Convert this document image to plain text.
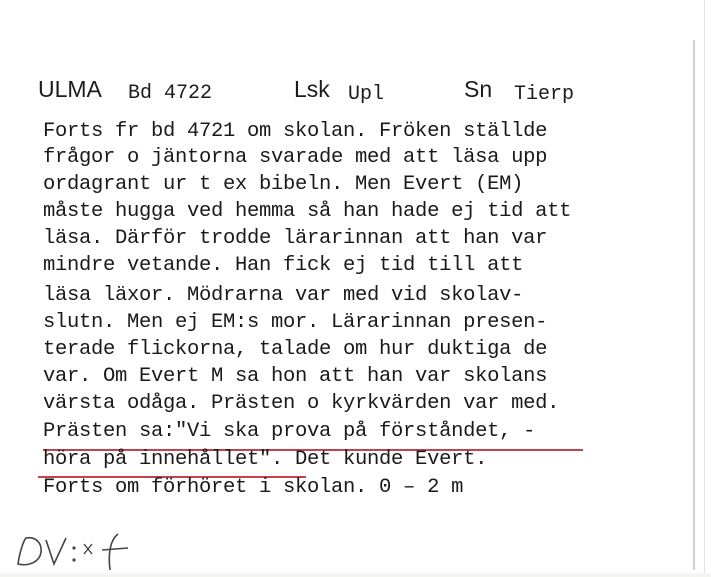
ULMA Bd 4722	Lsk Upl	Sn Tierp
Forts fr bd 4721 om skolan. Fröken ställde
frågor o jäntorna svarade med att läsa upp
ordagrant ur t ex bibeln. Men Evert (EM)
måste hugga ved hemma så han hade ej tid att
läsa. Därför trodde lärarinnan att han var
mindre vetande. Han fick ej tid till att
läsa läxor. Mödrarna var med vid skolav-
slutn. Men ej EM:s mor. Lärarinnan presen-
terade flickorna, talade om hur duktiga de
var. Om Evert M sa hon att han var skolans
värsta odåga. Prästen o kyrkvärden var med.
Prästen sa:"Vi ska prova på förståndet, -
höra på innehållet". Det kunde Evert.
Forts om förhöret i skolan. 0 – 2 m
